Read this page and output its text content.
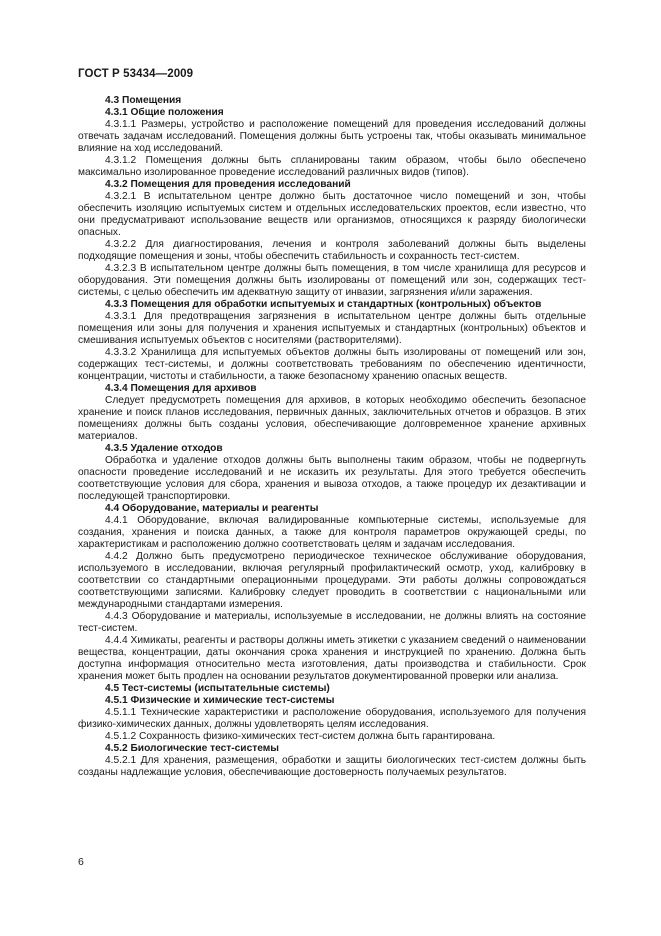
ГОСТ Р 53434—2009
4.3 Помещения
4.3.1 Общие положения
4.3.1.1 Размеры, устройство и расположение помещений для проведения исследований должны отвечать задачам исследований. Помещения должны быть устроены так, чтобы оказывать минимальное влияние на ход исследований.
4.3.1.2 Помещения должны быть спланированы таким образом, чтобы было обеспечено максимально изолированное проведение исследований различных видов (типов).
4.3.2 Помещения для проведения исследований
4.3.2.1 В испытательном центре должно быть достаточное число помещений и зон, чтобы обеспечить изоляцию испытуемых систем и отдельных исследовательских проектов, если известно, что они предусматривают использование веществ или организмов, относящихся к разряду биологически опасных.
4.3.2.2 Для диагностирования, лечения и контроля заболеваний должны быть выделены подходящие помещения и зоны, чтобы обеспечить стабильность и сохранность тест-систем.
4.3.2.3 В испытательном центре должны быть помещения, в том числе хранилища для ресурсов и оборудования. Эти помещения должны быть изолированы от помещений или зон, содержащих тест-системы, с целью обеспечить им адекватную защиту от инвазии, загрязнения и/или заражения.
4.3.3 Помещения для обработки испытуемых и стандартных (контрольных) объектов
4.3.3.1 Для предотвращения загрязнения в испытательном центре должны быть отдельные помещения или зоны для получения и хранения испытуемых и стандартных (контрольных) объектов и смешивания испытуемых объектов с носителями (растворителями).
4.3.3.2 Хранилища для испытуемых объектов должны быть изолированы от помещений или зон, содержащих тест-системы, и должны соответствовать требованиям по обеспечению идентичности, концентрации, чистоты и стабильности, а также безопасному хранению опасных веществ.
4.3.4 Помещения для архивов
Следует предусмотреть помещения для архивов, в которых необходимо обеспечить безопасное хранение и поиск планов исследования, первичных данных, заключительных отчетов и образцов. В этих помещениях должны быть созданы условия, обеспечивающие долговременное хранение архивных материалов.
4.3.5 Удаление отходов
Обработка и удаление отходов должны быть выполнены таким образом, чтобы не подвергнуть опасности проведение исследований и не исказить их результаты. Для этого требуется обеспечить соответствующие условия для сбора, хранения и вывоза отходов, а также процедур их дезактивации и последующей транспортировки.
4.4 Оборудование, материалы и реагенты
4.4.1 Оборудование, включая валидированные компьютерные системы, используемые для создания, хранения и поиска данных, а также для контроля параметров окружающей среды, по характеристикам и расположению должно соответствовать целям и задачам исследования.
4.4.2 Должно быть предусмотрено периодическое техническое обслуживание оборудования, используемого в исследовании, включая регулярный профилактический осмотр, уход, калибровку в соответствии со стандартными операционными процедурами. Эти работы должны сопровождаться соответствующими записями. Калибровку следует проводить в соответствии с национальными или международными стандартами измерения.
4.4.3 Оборудование и материалы, используемые в исследовании, не должны влиять на состояние тест-систем.
4.4.4 Химикаты, реагенты и растворы должны иметь этикетки с указанием сведений о наименовании вещества, концентрации, даты окончания срока хранения и инструкцией по хранению. Должна быть доступна информация относительно места изготовления, даты производства и стабильности. Срок хранения может быть продлен на основании результатов документированной проверки или анализа.
4.5 Тест-системы (испытательные системы)
4.5.1 Физические и химические тест-системы
4.5.1.1 Технические характеристики и расположение оборудования, используемого для получения физико-химических данных, должны удовлетворять целям исследования.
4.5.1.2 Сохранность физико-химических тест-систем должна быть гарантирована.
4.5.2 Биологические тест-системы
4.5.2.1 Для хранения, размещения, обработки и защиты биологических тест-систем должны быть созданы надлежащие условия, обеспечивающие достоверность получаемых результатов.
6
